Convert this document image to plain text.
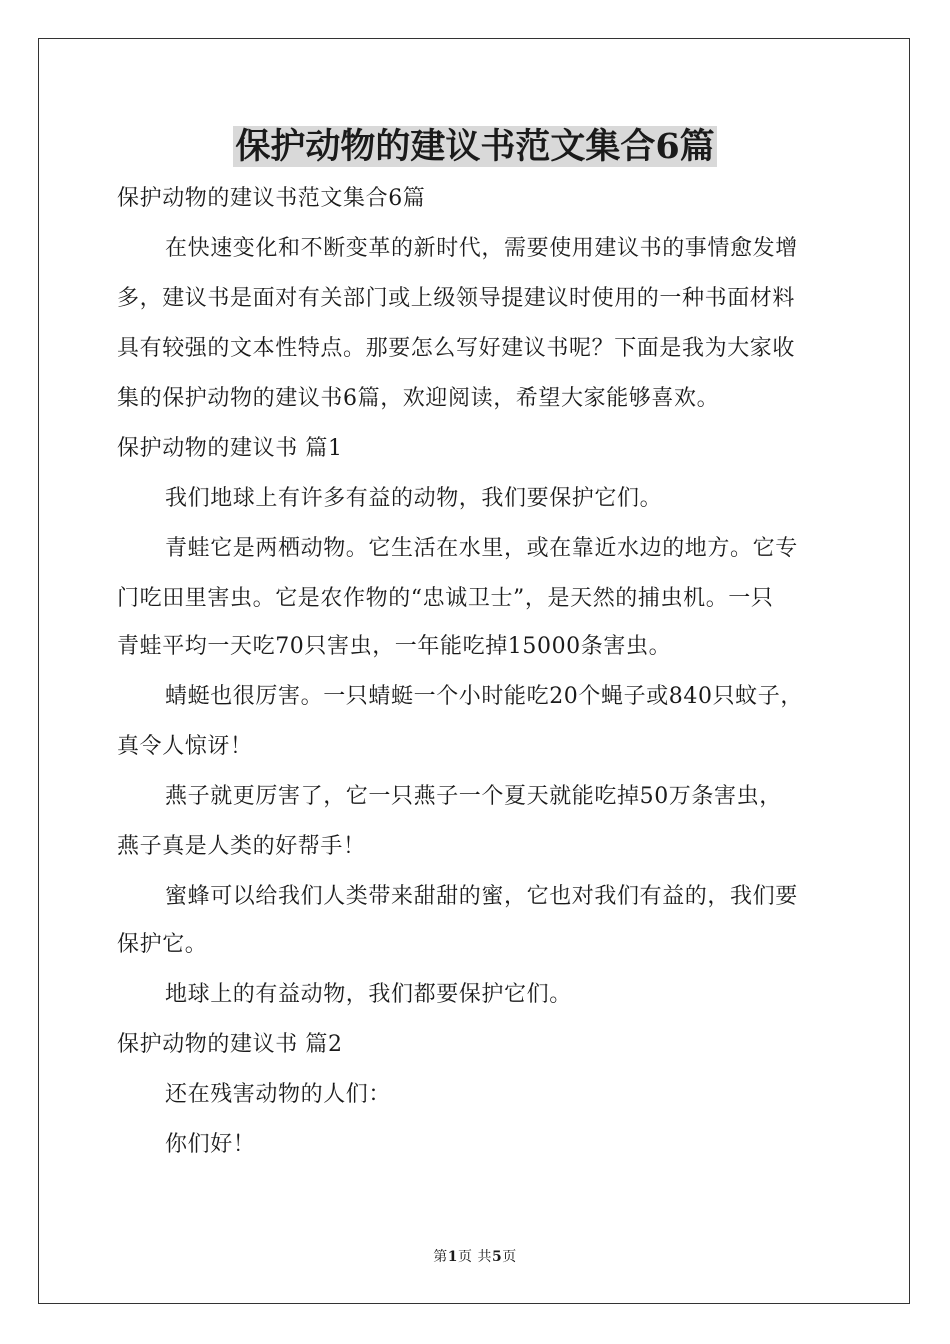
保护动物的建议书范文集合6篇
保护动物的建议书范文集合6篇
在快速变化和不断变革的新时代，需要使用建议书的事情愈发增
多，建议书是面对有关部门或上级领导提建议时使用的一种书面材料
具有较强的文本性特点。那要怎么写好建议书呢？下面是我为大家收
集的保护动物的建议书6篇，欢迎阅读，希望大家能够喜欢。
保护动物的建议书 篇1
我们地球上有许多有益的动物，我们要保护它们。
青蛙它是两栖动物。它生活在水里，或在靠近水边的地方。它专
门吃田里害虫。它是农作物的“忠诚卫士”，是天然的捕虫机。一只
青蛙平均一天吃70只害虫，一年能吃掉15000条害虫。
蜻蜓也很厉害。一只蜻蜓一个小时能吃20个蝇子或840只蚊子，
真令人惊讶！
燕子就更厉害了，它一只燕子一个夏天就能吃掉50万条害虫，
燕子真是人类的好帮手！
蜜蜂可以给我们人类带来甜甜的蜜，它也对我们有益的，我们要
保护它。
地球上的有益动物，我们都要保护它们。
保护动物的建议书 篇2
还在残害动物的人们：
你们好！
第1页 共5页
